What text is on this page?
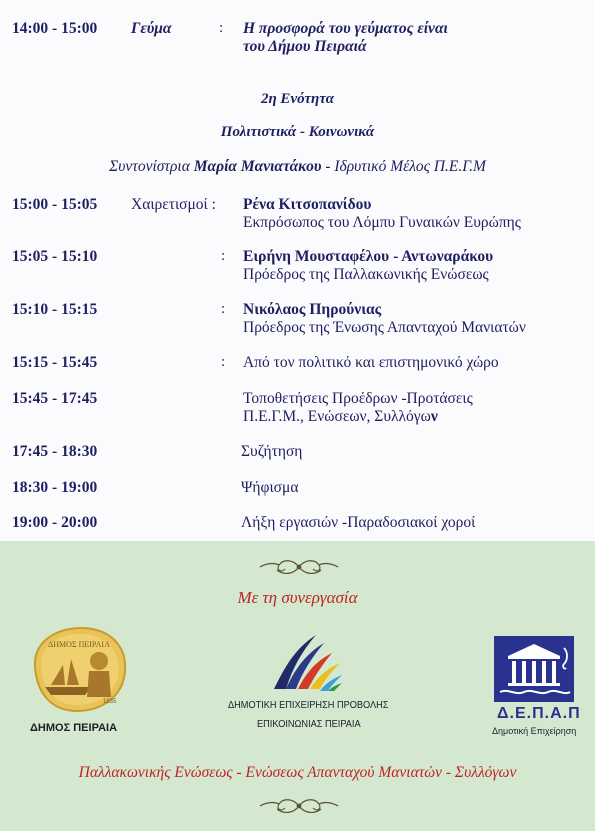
14:00 - 15:00 Γεύμα	: Η προσφορά του γεύματος είναι
του Δήμου Πειραιά
2η Ενότητα
Πολιτιστικά - Κοινωνικά
Συντονίστρια Μαρία Μανιατάκου - Ιδρυτικό Μέλος Π.Ε.Γ.Μ
15:00 - 15:05 Χαιρετισμοί : Ρένα Κιτσοπανίδου
Εκπρόσωπος του Λόμπυ Γυναικών Ευρώπης
15:05 - 15:10	: Ειρήνη Μουσταφέλου - Αντωναράκου
Πρόεδρος της Παλλακωνικής Ενώσεως
15:10 - 15:15	: Νικόλαος Πηρούνιας
Πρόεδρος της Ένωσης Απανταχού Μανιατών
15:15 - 15:45	: Από τον πολιτικό και επιστημονικό χώρο
15:45 - 17:45	Τοποθετήσεις Προέδρων -Προτάσεις
Π.Ε.Γ.Μ., Ενώσεων, Συλλόγων
17:45 - 18:30	Συζήτηση
18:30 - 19:00	Ψήφισμα
19:00 - 20:00	Λήξη εργασιών -Παραδοσιακοί χοροί
Με τη συνεργασία
ΔΗΜΟΣ ΠΕΙΡΑΙΑ
1835
ΔΗΜΟΣ ΠΕΙΡΑΙΑ
ΔΗΜΟΤΙΚΗ ΕΠΙΧΕΙΡΗΣΗ ΠΡΟΒΟΛΗΣ
ΕΠΙΚΟΙΝΩΝΙΑΣ ΠΕΙΡΑΙΑ
Δ.Ε.Π.Α.Π
Δημοτική Επιχείρηση
Παλλακωνικής Ενώσεως - Ενώσεως Απανταχού Μανιατών - Συλλόγων
